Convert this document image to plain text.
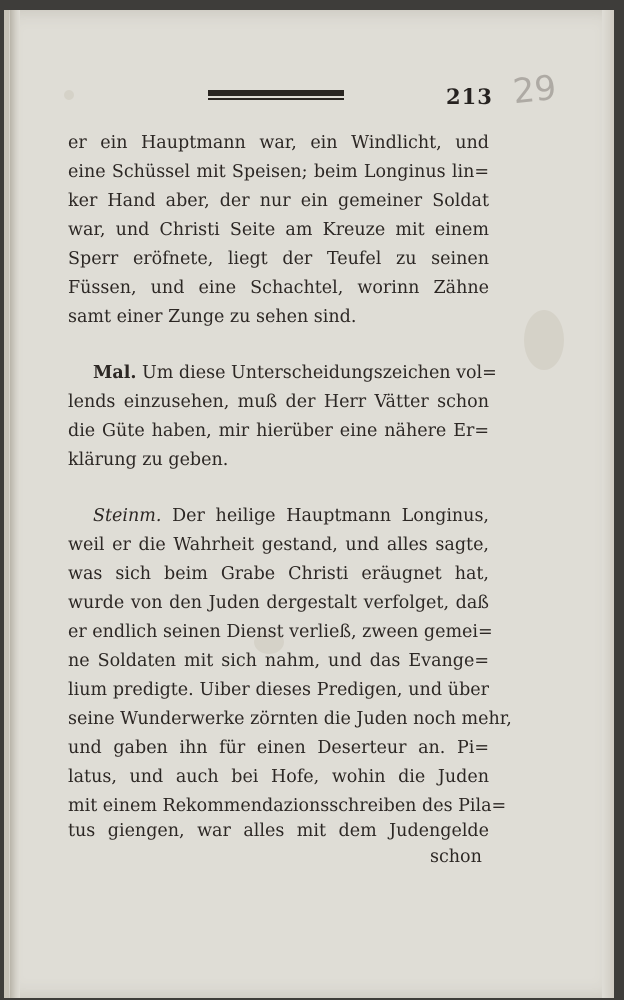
213 29
er ein Hauptmann war, ein Windlicht, und
eine Schüssel mit Speisen; beim Longinus lin=
ker Hand aber, der nur ein gemeiner Soldat
war, und Christi Seite am Kreuze mit einem
Sperr eröfnete, liegt der Teufel zu seinen
Füssen, und eine Schachtel, worinn Zähne
samt einer Zunge zu sehen sind.
Mal. Um diese Unterscheidungszeichen vol=
lends einzusehen, muß der Herr Vätter schon
die Güte haben, mir hierüber eine nähere Er=
klärung zu geben.
Steinm. Der heilige Hauptmann Longinus,
weil er die Wahrheit gestand, und alles sagte,
was sich beim Grabe Christi eräugnet hat,
wurde von den Juden dergestalt verfolget, daß
er endlich seinen Dienst verließ, zween gemei=
ne Soldaten mit sich nahm, und das Evange=
lium predigte. Uiber dieses Predigen, und über
seine Wunderwerke zörnten die Juden noch mehr,
und gaben ihn für einen Deserteur an. Pi=
latus, und auch bei Hofe, wohin die Juden
mit einem Rekommendazionsschreiben des Pila=
tus giengen, war alles mit dem Judengelde
schon
